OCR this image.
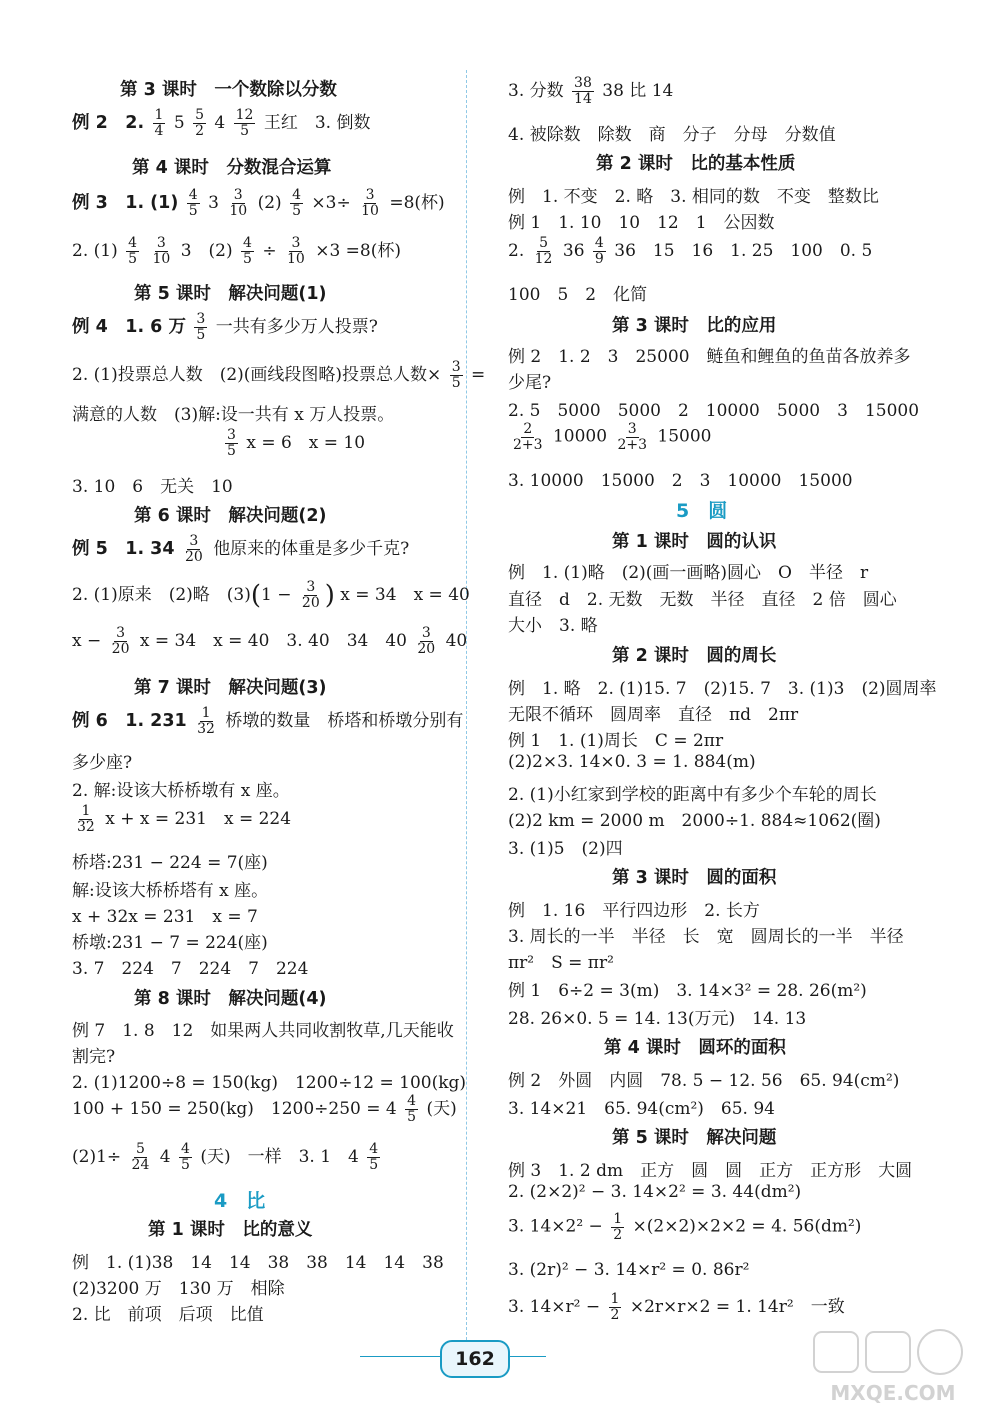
第 3 课时　一个数除以分数
例 2　2. $\frac{1}{4} 5 \frac{5}{2} 4 \frac{12}{5}$ 王红　3. 倒数
第 4 课时　分数混合运算
例 3　1. $(1) \frac{4}{5} 3 \frac{3}{10} (2) \frac{4}{5} \times 3\div \frac{3}{10} =8$(杯)
2. $(1) \frac{4}{5}$
$\frac{3}{10} 3$　$(2) \frac{4}{5} \div \frac{3}{10} \times 3 =8$(杯)
第 5 课时　解决问题(1)
例 4　1. 6 万 $\frac{3}{5}$ 一共有多少万人投票?
2. (1)投票总人数　(2)(画线段图略)投票总人数× $\frac{3}{5}$ =
满意的人数　(3)解:设一共有 x 万人投票。
$\frac{3}{5}$ x = 6　x = 10
3. 10　6　无关　10
第 6 课时　解决问题(2)
例 5　1. $34 \frac{3}{20}$ 他原来的体重是多少千克?
2. (1)原来　(2)略　$(3)(1 - \frac{3}{20}$ ) x = 34　x = 40
$x - \frac{3}{20}$ x = 34　x = 40　3. 40　34　$40 \frac{3}{20} 40$
第 7 课时　解决问题(3)
例 6　1. $231 \frac{1}{32}$ 桥墩的数量　桥塔和桥墩分别有
多少座?
2. 解:设该大桥桥墩有 x 座。
$\frac{1}{32}$ x + x = 231　x = 224
桥塔:231 − 224 = 7(座)
解:设该大桥桥塔有 x 座。
x + 32x = 231　x = 7
桥墩:231 − 7 = 224(座)
3. 7　224　7　224　7　224
第 8 课时　解决问题(4)
例 7　1. 8　12　如果两人共同收割牧草,几天能收
割完?
2. (1)1200÷8 = 150(kg)　1200÷12 = 100(kg)
100 + 150 = 250(kg)　$1200\div 250 = 4 \frac{4}{5}$ (天)
$(2)1\div \frac{5}{24} 4 \frac{4}{5}$ (天)　一样　3. 1　$4 \frac{4}{5}$
4　比
第 1 课时　比的意义
例　1. (1)38　14　14　38　38　14　14　38
(2)3200 万　130 万　相除
2. 比　前项　后项　比值
3. 分数 $\frac{38}{14} 38$ 比 14
4. 被除数　除数　商　分子　分母　分数值
第 2 课时　比的基本性质
例　1. 不变　2. 略　3. 相同的数　不变　整数比
例 1　1. 10　10　12　1　公因数
2. $\frac{5}{12} 36 \frac{4}{9} 36$　15　16　1. 25　100　0. 5
100　5　2　化简
第 3 课时　比的应用
例 2　1. 2　3　25000　鲢鱼和鲤鱼的鱼苗各放养多
少尾?
2. 5　5000　5000　2　10000　5000　3　15000
$\frac{2}{2+3} 10000 \frac{3}{2+3} 15000$
3. 10000　15000　2　3　10000　15000
5　圆
第 1 课时　圆的认识
例　1. (1)略　(2)(画一画略)圆心　O　半径　r
直径　d　2. 无数　无数　半径　直径　2 倍　圆心
大小　3. 略
第 2 课时　圆的周长
例　1. 略　2. (1)15. 7　(2)15. 7　3. (1)3　(2)圆周率
无限不循环　圆周率　直径　πd　2πr
例 1　1. (1)周长　C = 2πr
(2)2×3. 14×0. 3 = 1. 884(m)
2. (1)小红家到学校的距离中有多少个车轮的周长
(2)2 km = 2000 m　2000÷1. 884≈1062(圈)
3. (1)5　(2)四
第 3 课时　圆的面积
例　1. 16　平行四边形　2. 长方
3. 周长的一半　半径　长　宽　圆周长的一半　半径
πr²　S = πr²
例 1　6÷2 = 3(m)　3. 14×3² = 28. 26(m²)
28. 26×0. 5 = 14. 13(万元)　14. 13
第 4 课时　圆环的面积
例 2　外圆　内圆　78. 5 − 12. 56　65. 94(cm²)
3. 14×21　65. 94(cm²)　65. 94
第 5 课时　解决问题
例 3　1. 2 dm　正方　圆　圆　正方　正方形　大圆
2. (2×2)² − 3. 14×2² = 3. 44(dm²)
3. $14\times 2^2 - \frac{1}{2} \times(2\times 2)\times 2\times 2 = 4$. 56(dm²)
3. (2r)² − 3. 14×r² = 0. 86r²
3. $14\times r^2 - \frac{1}{2} \times 2r\times r\times 2 = 1$. 14r²　一致
162
MXQE.COM
